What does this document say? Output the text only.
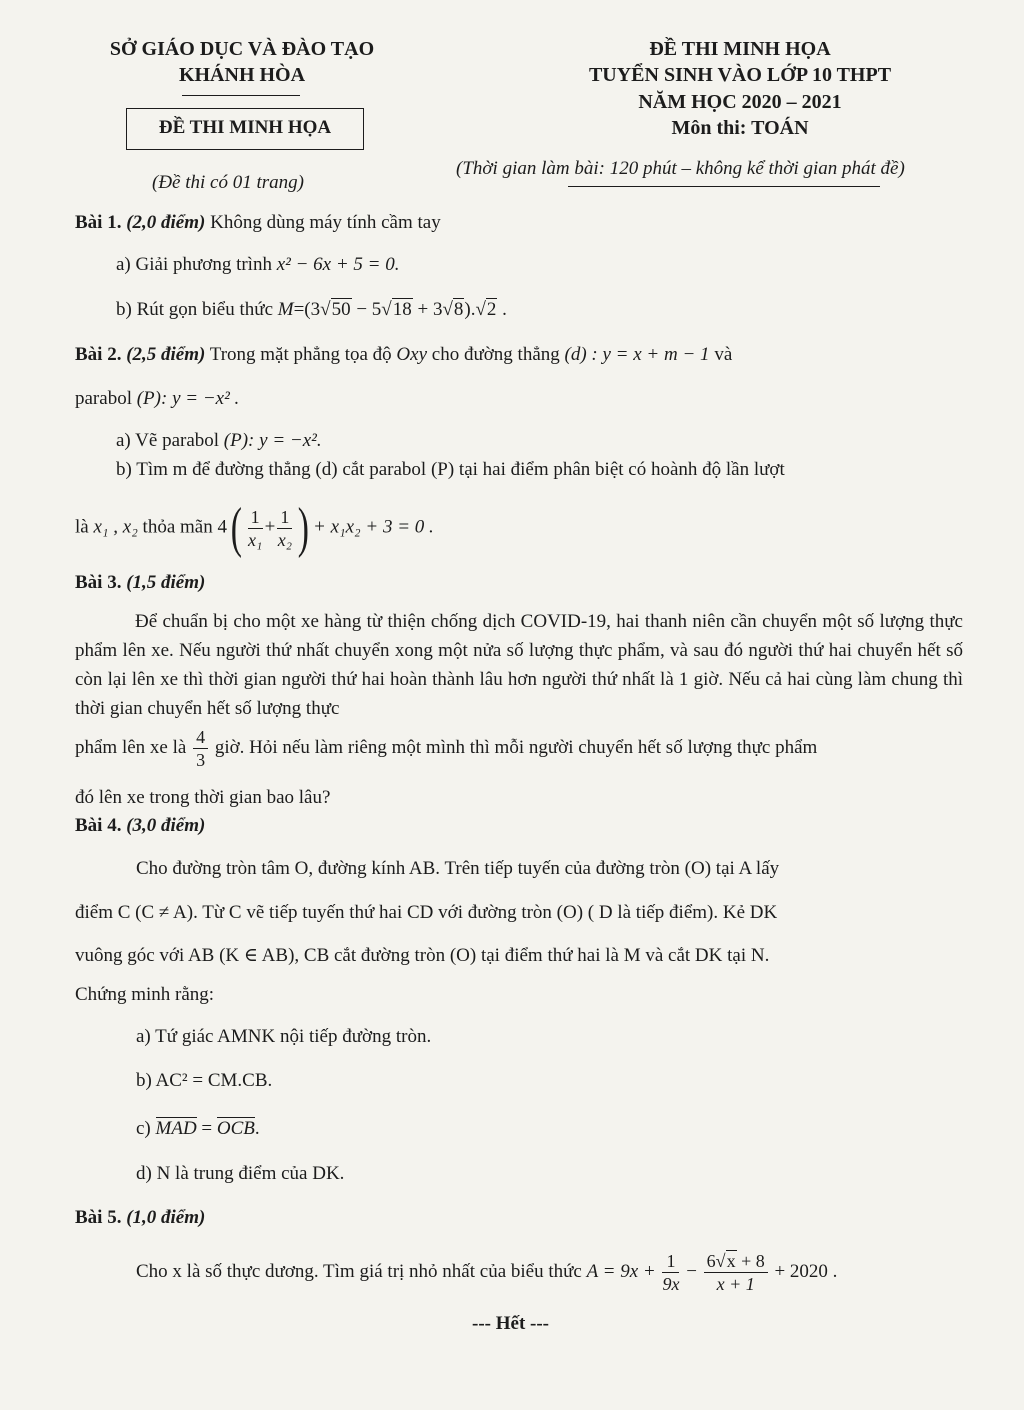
SỞ GIÁO DỤC VÀ ĐÀO TẠO
KHÁNH HÒA
ĐỀ THI MINH HỌA
(Đề thi có 01 trang)
ĐỀ THI MINH HỌA
TUYỂN SINH VÀO LỚP 10 THPT
NĂM HỌC 2020 – 2021
Môn thi: TOÁN
(Thời gian làm bài: 120 phút – không kể thời gian phát đề)
Bài 1. (2,0 điểm) Không dùng máy tính cầm tay
a) Giải phương trình x² − 6x + 5 = 0.
b) Rút gọn biểu thức M=(3√50 − 5√18 + 3√8).√2 .
Bài 2. (2,5 điểm) Trong mặt phẳng tọa độ Oxy cho đường thẳng (d) : y = x + m − 1 và
parabol (P): y = −x² .
a) Vẽ parabol (P): y = −x².
b) Tìm m để đường thẳng (d) cắt parabol (P) tại hai điểm phân biệt có hoành độ lần lượt
là x₁ , x₂ thỏa mãn $4( \frac{1}{\text{x₁}} + \frac{1}{\text{x₂}}$ ) + x₁x₂ + 3 = 0 .
Bài 3. (1,5 điểm)
Để chuẩn bị cho một xe hàng từ thiện chống dịch COVID-19, hai thanh niên cần chuyển một số lượng thực phẩm lên xe. Nếu người thứ nhất chuyển xong một nửa số lượng thực phẩm, và sau đó người thứ hai chuyển hết số còn lại lên xe thì thời gian người thứ hai hoàn thành lâu hơn người thứ nhất là 1 giờ. Nếu cả hai cùng làm chung thì thời gian chuyển hết số lượng thực
phẩm lên xe là $\frac{4}{3}$ giờ. Hỏi nếu làm riêng một mình thì mỗi người chuyển hết số lượng thực phẩm
đó lên xe trong thời gian bao lâu?
Bài 4. (3,0 điểm)
Cho đường tròn tâm O, đường kính AB. Trên tiếp tuyến của đường tròn (O) tại A lấy
điểm C (C ≠ A). Từ C vẽ tiếp tuyến thứ hai CD với đường tròn (O) ( D là tiếp điểm). Kẻ DK
vuông góc với AB (K ∈ AB), CB cắt đường tròn (O) tại điểm thứ hai là M và cắt DK tại N.
Chứng minh rằng:
a) Tứ giác AMNK nội tiếp đường tròn.
b) AC² = CM.CB.
c) MAD = OCB.
d) N là trung điểm của DK.
Bài 5. (1,0 điểm)
Cho x là số thực dương. Tìm giá trị nhỏ nhất của biểu thức $A = 9x + \frac{1}{9x} - \frac{6√x + 8}{x + 1} + 2020$ .
--- Hết ---
